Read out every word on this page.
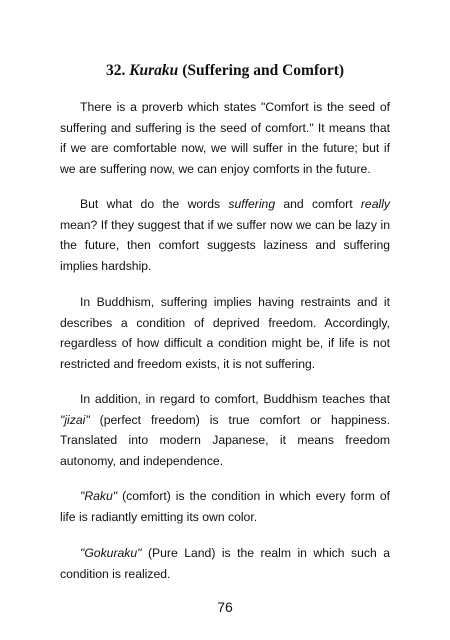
32. Kuraku (Suffering and Comfort)

There is a proverb which states "Comfort is the seed of suffering and suffering is the seed of comfort." It means that if we are comfortable now, we will suffer in the future; but if we are suffering now, we can enjoy comforts in the future.

But what do the words suffering and comfort really mean? If they suggest that if we suffer now we can be lazy in the future, then comfort suggests laziness and suffering implies hardship.

In Buddhism, suffering implies having restraints and it describes a condition of deprived freedom. Accordingly, regardless of how difficult a condition might be, if life is not restricted and freedom exists, it is not suffering.

In addition, in regard to comfort, Buddhism teaches that "jizai" (perfect freedom) is true comfort or happiness. Translated into modern Japanese, it means freedom autonomy, and independence.

"Raku" (comfort) is the condition in which every form of life is radiantly emitting its own color.

"Gokuraku" (Pure Land) is the realm in which such a condition is realized.

76
